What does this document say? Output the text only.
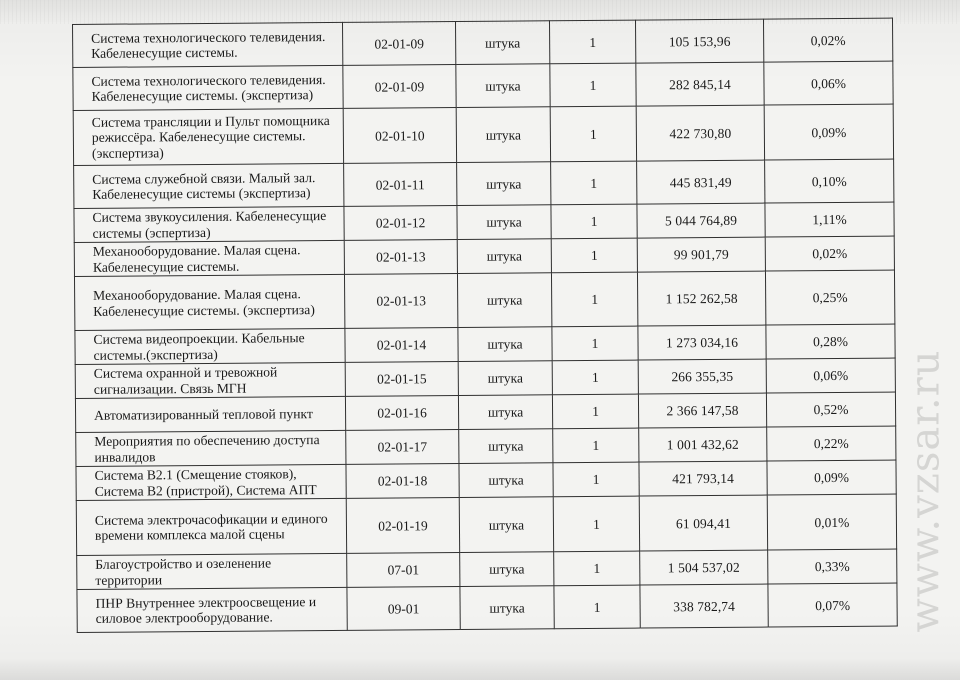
Система технологического телевидения. Кабеленесущие системы.	02-01-09	штука	1	105 153,96	0,02%
Система технологического телевидения. Кабеленесущие системы. (экспертиза)	02-01-09	штука	1	282 845,14	0,06%
Система трансляции и Пульт помощника режиссёра. Кабеленесущие системы. (экспертиза)	02-01-10	штука	1	422 730,80	0,09%
Система служебной связи. Малый зал. Кабеленесущие системы (экспертиза)	02-01-11	штука	1	445 831,49	0,10%
Система звукоусиления. Кабеленесущие системы (эспертиза)	02-01-12	штука	1	5 044 764,89	1,11%
Механооборудование. Малая сцена. Кабеленесущие системы.	02-01-13	штука	1	99 901,79	0,02%
Механооборудование. Малая сцена. Кабеленесущие системы. (экспертиза)	02-01-13	штука	1	1 152 262,58	0,25%
Система видеопроекции. Кабельные системы.(экспертиза)	02-01-14	штука	1	1 273 034,16	0,28%
Система охранной и тревожной сигнализации. Связь МГН	02-01-15	штука	1	266 355,35	0,06%
Автоматизированный тепловой пункт	02-01-16	штука	1	2 366 147,58	0,52%
Мероприятия по обеспечению доступа инвалидов	02-01-17	штука	1	1 001 432,62	0,22%
Система В2.1 (Смещение стояков), Система В2 (пристрой), Система АПТ	02-01-18	штука	1	421 793,14	0,09%
Система электрочасофикации и единого времени комплекса малой сцены	02-01-19	штука	1	61 094,41	0,01%
Благоустройство и озеленение территории	07-01	штука	1	1 504 537,02	0,33%
ПНР Внутреннее электроосвещение и силовое электрооборудование.	09-01	штука	1	338 782,74	0,07% www.vzsar.ru
